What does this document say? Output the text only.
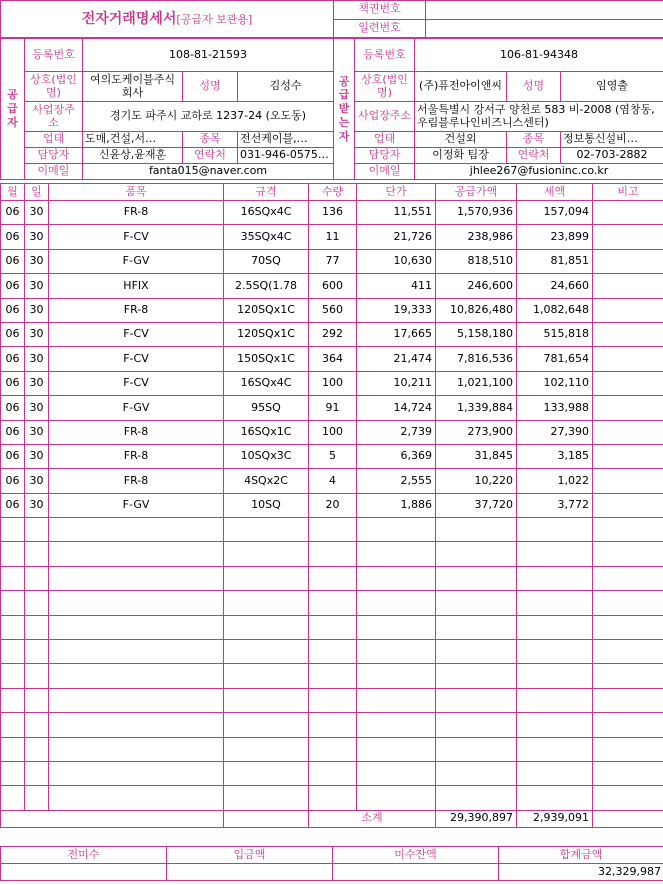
전자거래명세서[공급자 보관용]	책권번호	
	일련번호	
공급자	등록번호	108-81-21593			공급받는자	등록번호	106-81-94348		
	상호(법인명)	여의도케이블주식회사	성명	김성수		상호(법인명)	(주)퓨전아이앤씨	성명	임영출
	사업장주소	경기도 파주시 교하로 1237-24 (오도동)				사업장주소	서울특별시 강서구 양천로 583 비-2008 (염창동,우림블루나인비즈니스센터)		
	업태	도매,건설,서…	종목	전선케이블,…		업태	건설외	종목	정보통신설비…
	담당자	신윤상,윤재훈	연락처	031-946-0575…		담당자	이정화 팀장	연락처	02-703-2882
	이메일	fanta015@naver.com				이메일	jhlee267@fusioninc.co.kr		
월	일	품목	규격	수량	단가	공급가액	세액	비고
06	30	FR-8	16SQx4C	136	11,551	1,570,936	157,094	
06	30	F-CV	35SQx4C	11	21,726	238,986	23,899	
06	30	F-GV	70SQ	77	10,630	818,510	81,851	
06	30	HFIX	2.5SQ(1.78	600	411	246,600	24,660	
06	30	FR-8	120SQx1C	560	19,333	10,826,480	1,082,648	
06	30	F-CV	120SQx1C	292	17,665	5,158,180	515,818	
06	30	F-CV	150SQx1C	364	21,474	7,816,536	781,654	
06	30	F-CV	16SQx4C	100	10,211	1,021,100	102,110	
06	30	F-GV	95SQ	91	14,724	1,339,884	133,988	
06	30	FR-8	16SQx1C	100	2,739	273,900	27,390	
06	30	FR-8	10SQx3C	5	6,369	31,845	3,185	
06	30	FR-8	4SQx2C	4	2,555	10,220	1,022	
06	30	F-GV	10SQ	20	1,886	37,720	3,772	

				소계		29,390,897	2,939,091	
전미수	입금액	미수잔액	합계금액
			32,329,987
